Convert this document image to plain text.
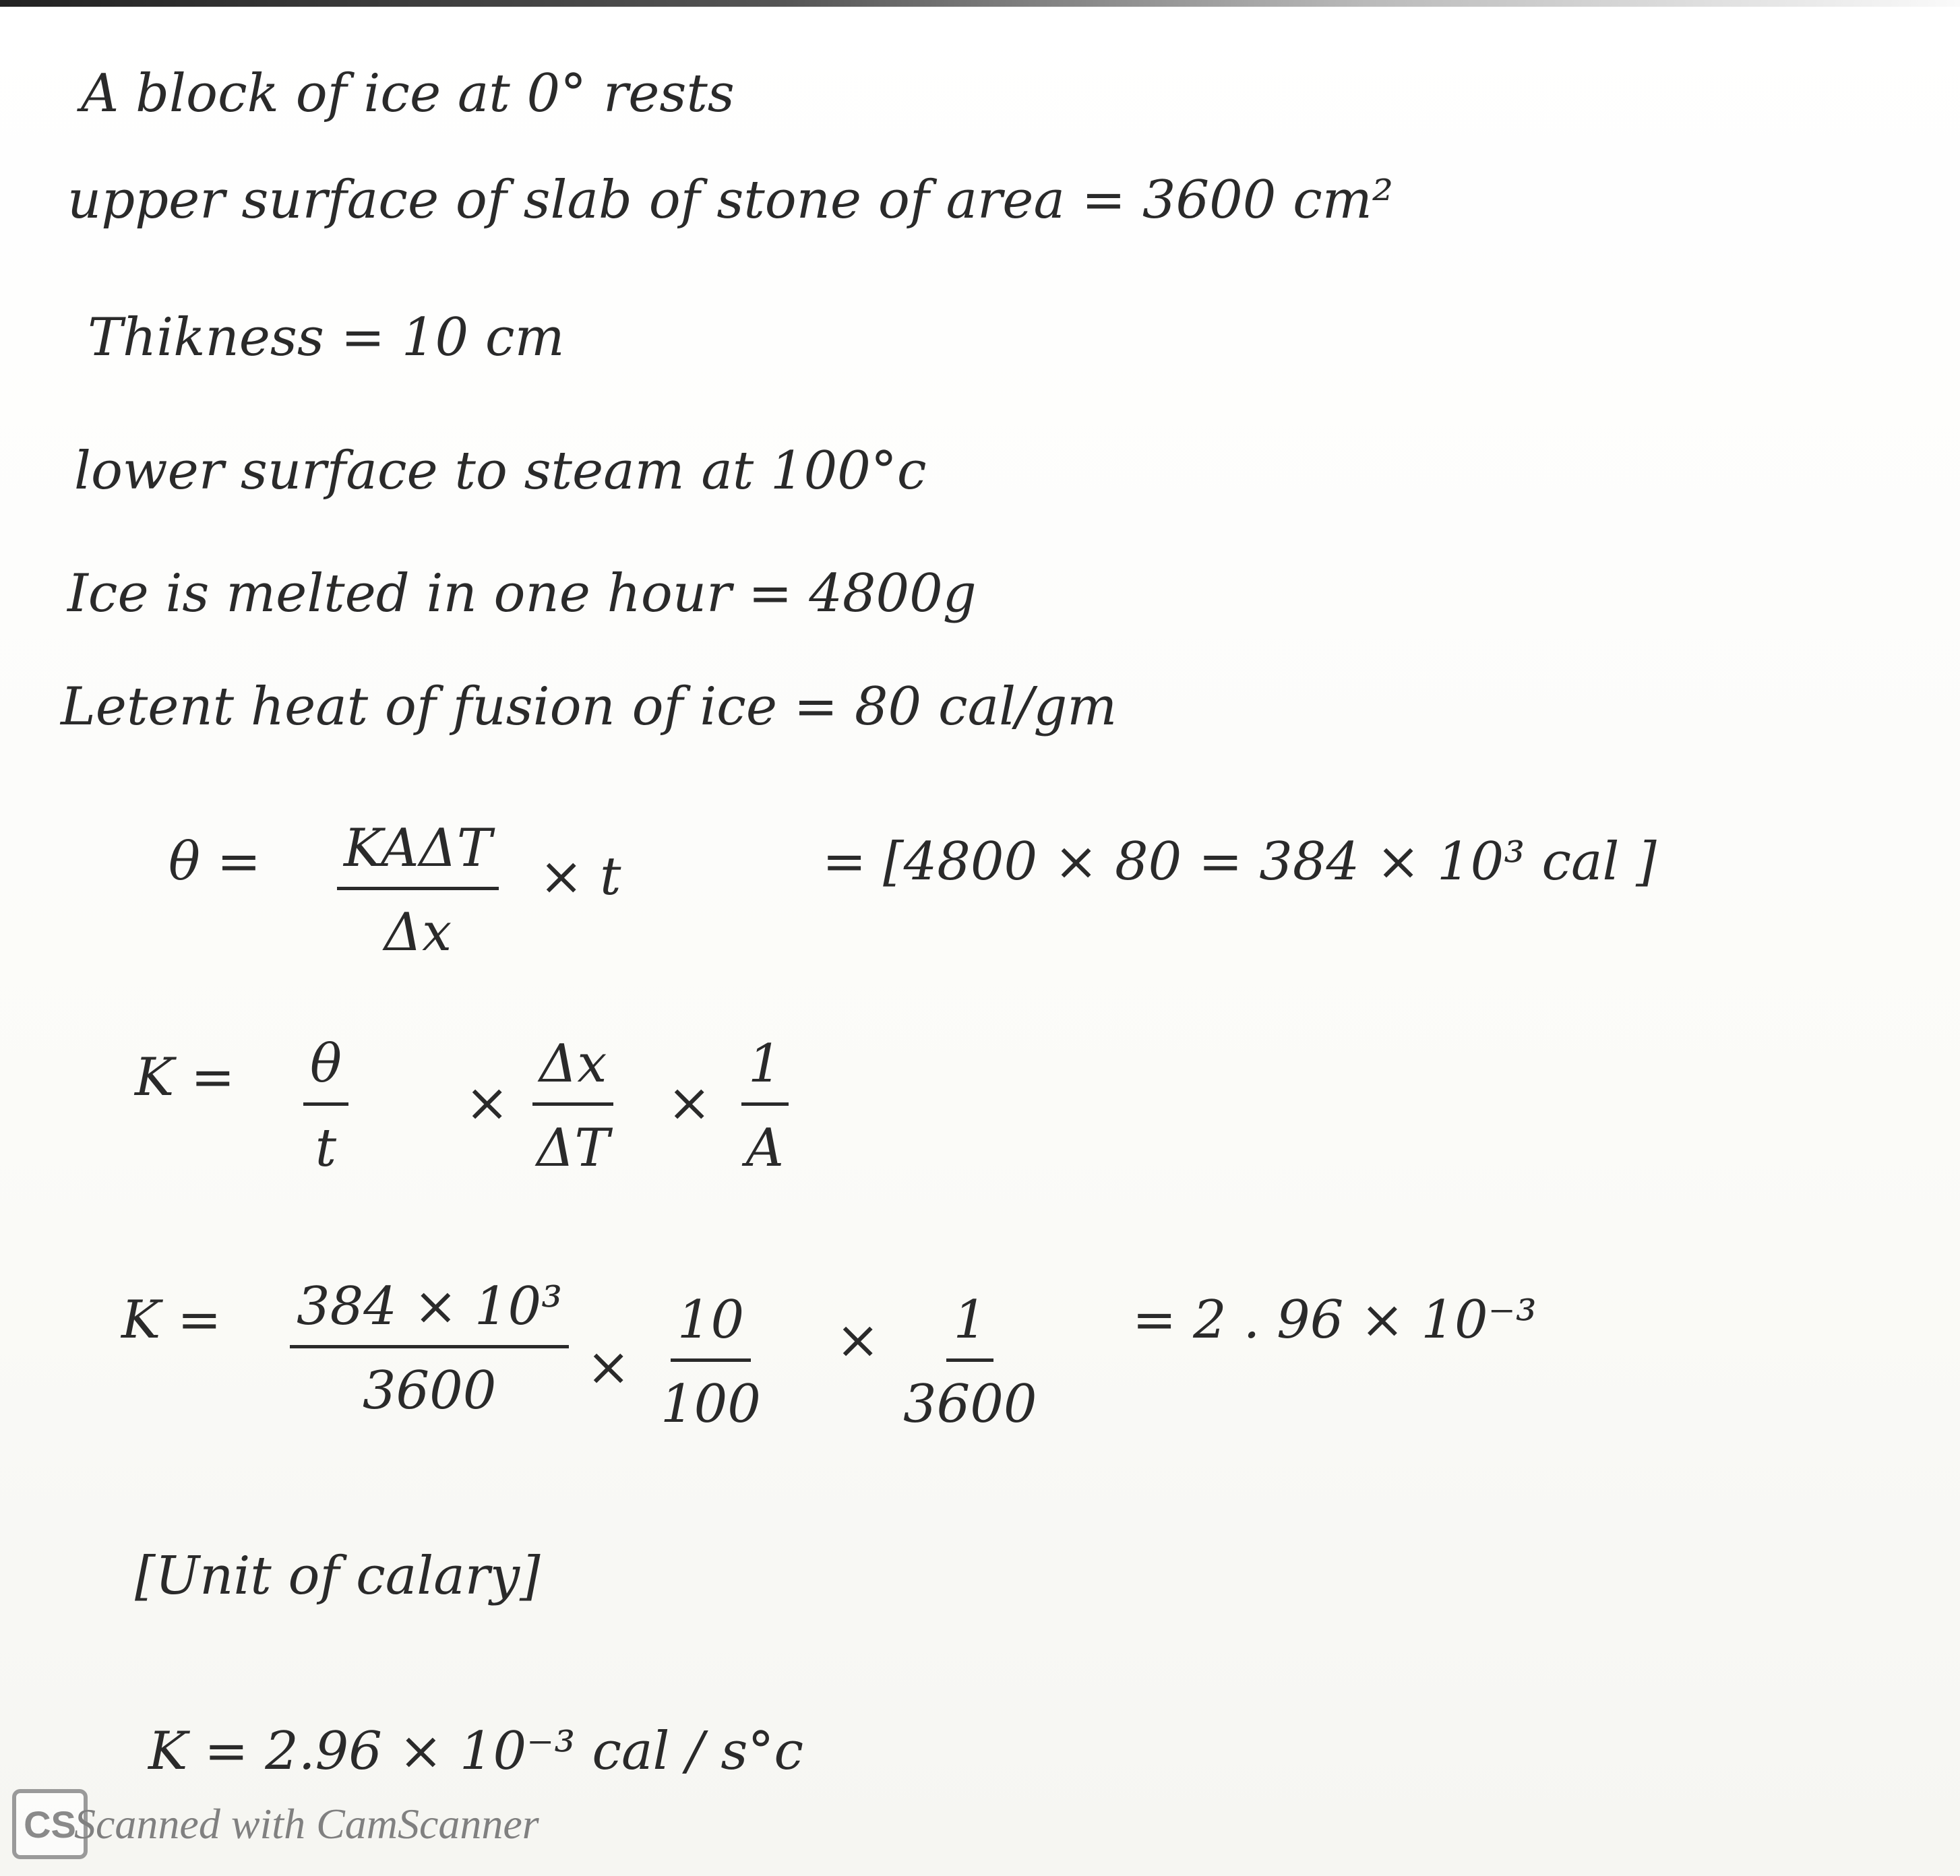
A block of ice at 0° rests
upper surface of slab of stone of area = 3600 cm²
Thikness = 10 cm
lower surface to steam at 100°c
Ice is melted in one hour = 4800g
Letent heat of fusion of ice = 80 cal/gm
θ = KAΔT
Δx
× t	= [4800 × 80 = 384 × 10³ cal ]
$K = \frac{\theta}{t} \times \frac{\Delta x}{\Delta T} \times \frac{1}{A}$
$K = \frac{\text{384 × 10³}}{3600} \times \frac{10}{100} \times \frac{1}{3600} = 2$ . 96 × 10⁻³
[Unit of calary]
K = 2.96 × 10⁻³ cal / s°c
CS
Scanned with CamScanner
